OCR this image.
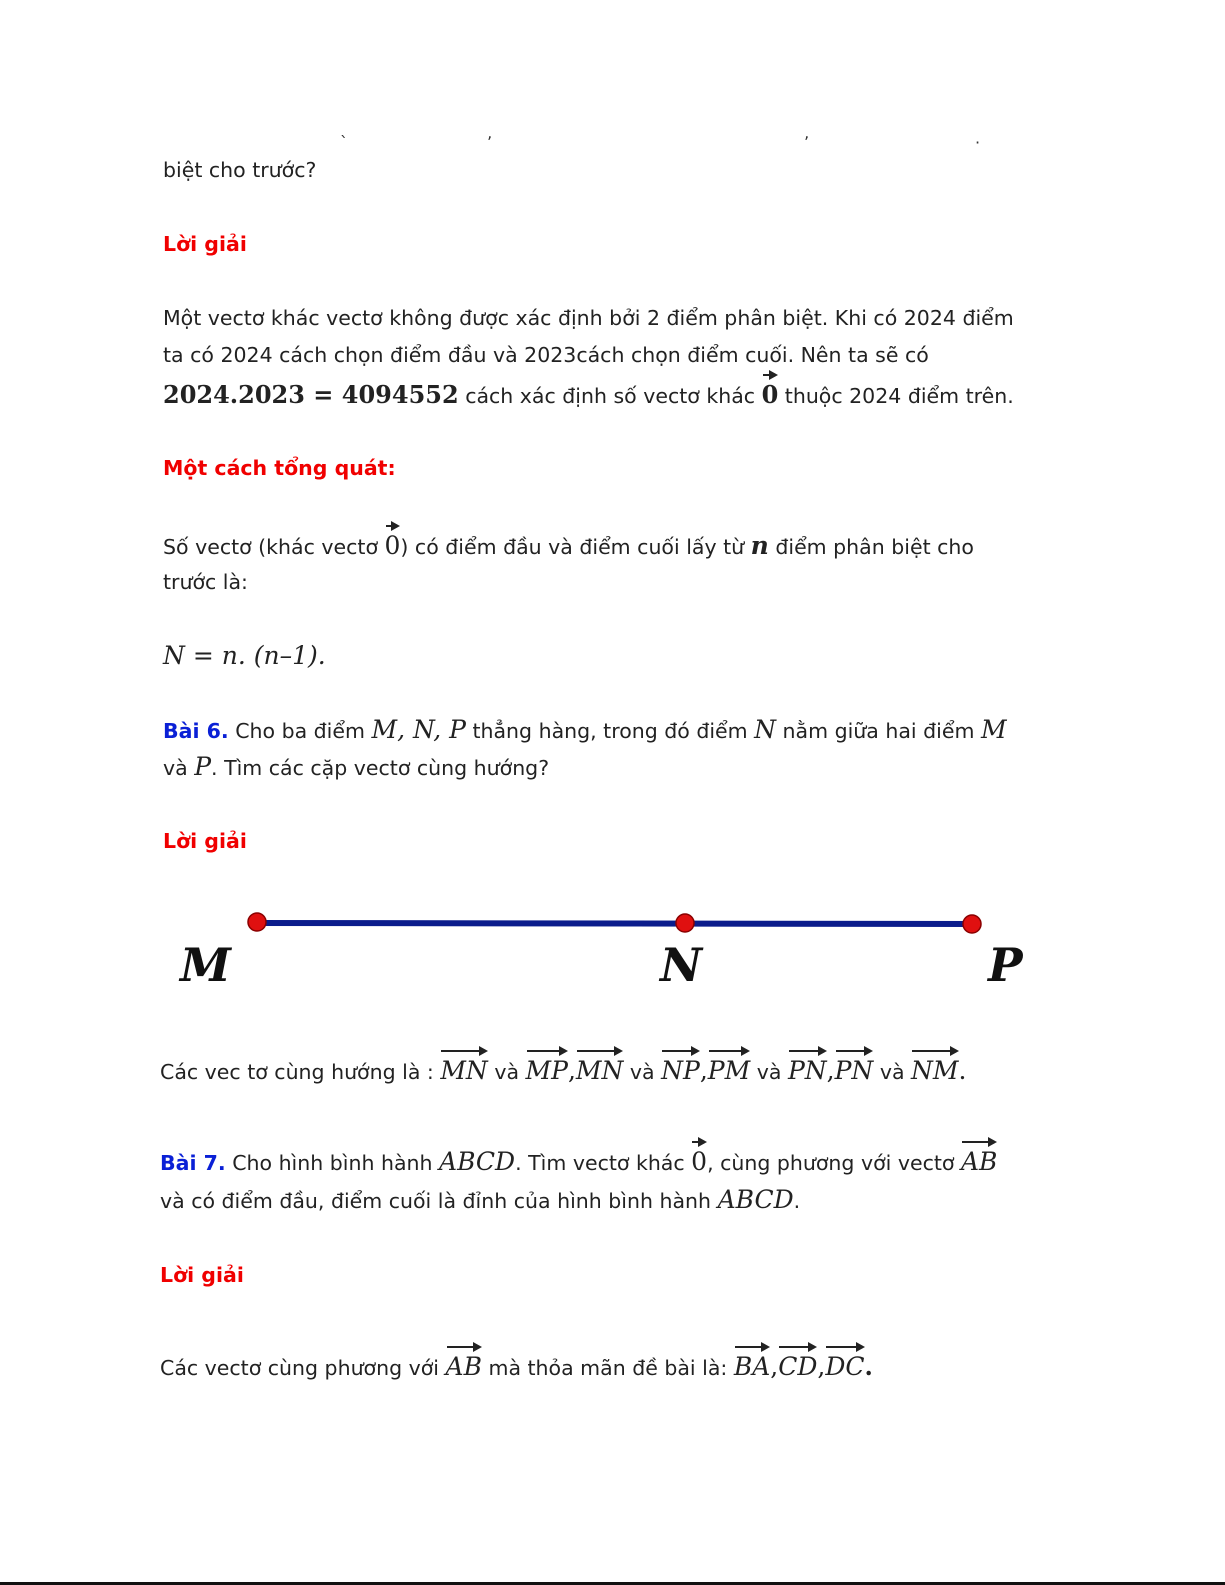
`	ʼ	ʼ	·
biệt cho trước?
Lời giải
Một vectơ khác vectơ không được xác định bởi 2 điểm phân biệt. Khi có 2024 điểm
ta có 2024 cách chọn điểm đầu và 2023cách chọn điểm cuối. Nên ta sẽ có
2024.2023 = 4094552 cách xác định số vectơ khác 0 thuộc 2024 điểm trên.
Một cách tổng quát:
Số vectơ (khác vectơ 0) có điểm đầu và điểm cuối lấy từ n điểm phân biệt cho
trước là:
N = n. (n–1).
Bài 6. Cho ba điểm M, N, P thẳng hàng, trong đó điểm N nằm giữa hai điểm M
và P. Tìm các cặp vectơ cùng hướng?
Lời giải
M	N	P
Các vec tơ cùng hướng là : MN và MP,MN và NP,PM và PN,PN và NM.
Bài 7. Cho hình bình hành ABCD. Tìm vectơ khác 0, cùng phương với vectơ AB
và có điểm đầu, điểm cuối là đỉnh của hình bình hành ABCD.
Lời giải
Các vectơ cùng phương với AB mà thỏa mãn đề bài là: BA,CD,DC.
